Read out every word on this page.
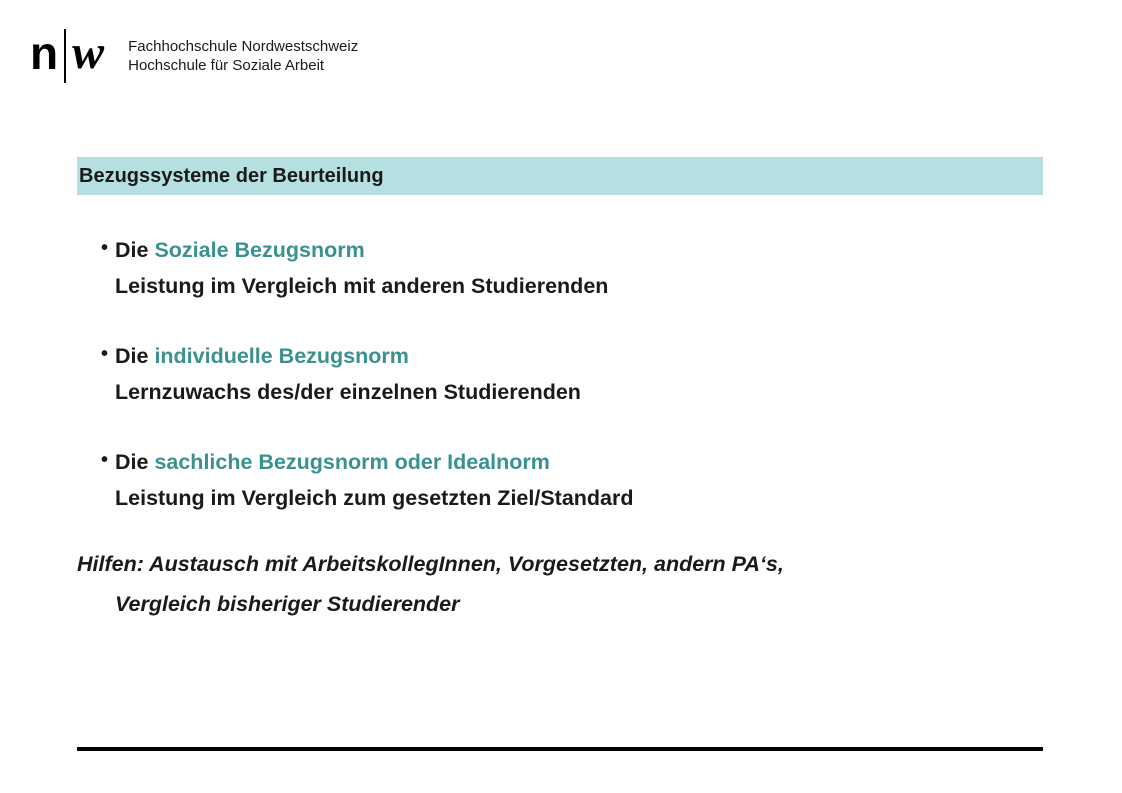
n w Fachhochschule Nordwestschweiz
Hochschule für Soziale Arbeit
Bezugssysteme der Beurteilung
• Die Soziale Bezugsnorm
Leistung im Vergleich mit anderen Studierenden
• Die individuelle Bezugsnorm
Lernzuwachs des/der einzelnen Studierenden
• Die sachliche Bezugsnorm oder Idealnorm
Leistung im Vergleich zum gesetzten Ziel/Standard
Hilfen: Austausch mit ArbeitskollegInnen, Vorgesetzten, andern PA‘s,
Vergleich bisheriger Studierender
